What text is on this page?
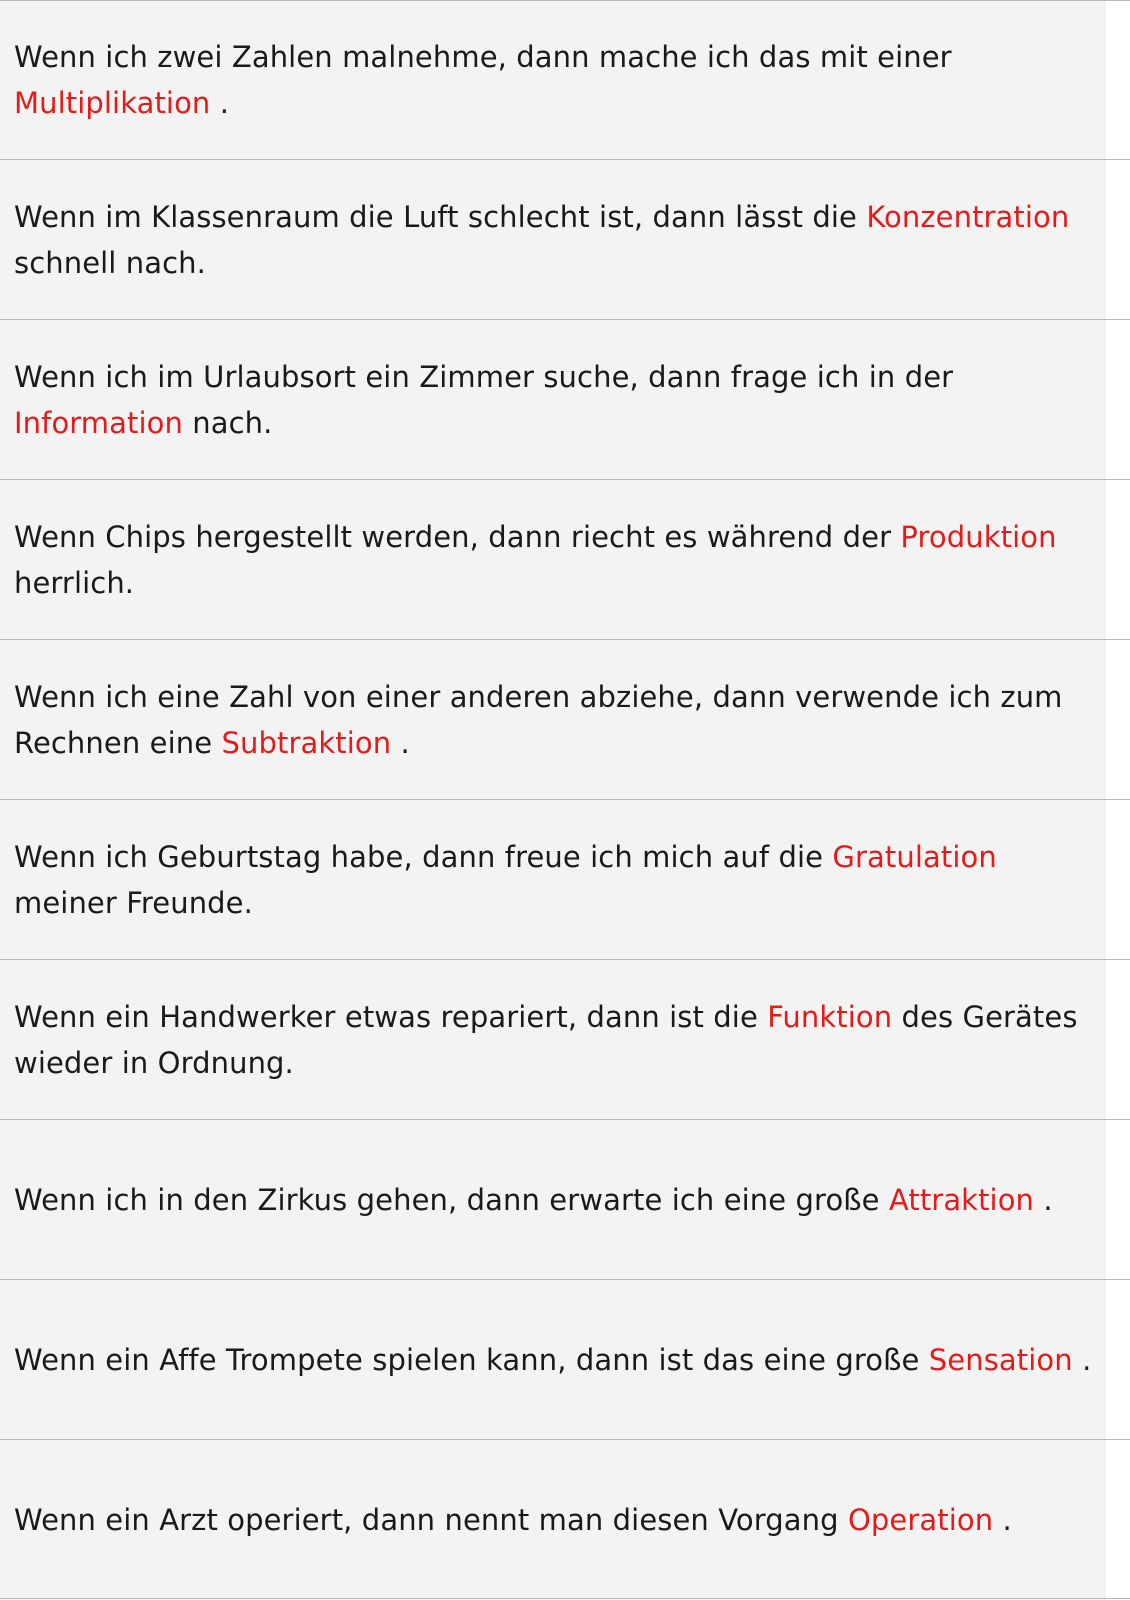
Wenn ich zwei Zahlen malnehme, dann mache ich das mit einer
Multiplikation .

Wenn im Klassenraum die Luft schlecht ist, dann lässt die Konzentration schnell nach.

Wenn ich im Urlaubsort ein Zimmer suche, dann frage ich in der Information nach.

Wenn Chips hergestellt werden, dann riecht es während der Produktion herrlich.

Wenn ich eine Zahl von einer anderen abziehe, dann verwende ich zum Rechnen eine Subtraktion .

Wenn ich Geburtstag habe, dann freue ich mich auf die Gratulation meiner Freunde.

Wenn ein Handwerker etwas repariert, dann ist die Funktion des Gerätes wieder in Ordnung.

Wenn ich in den Zirkus gehen, dann erwarte ich eine große Attraktion .

Wenn ein Affe Trompete spielen kann, dann ist das eine große Sensation .

Wenn ein Arzt operiert, dann nennt man diesen Vorgang Operation .
